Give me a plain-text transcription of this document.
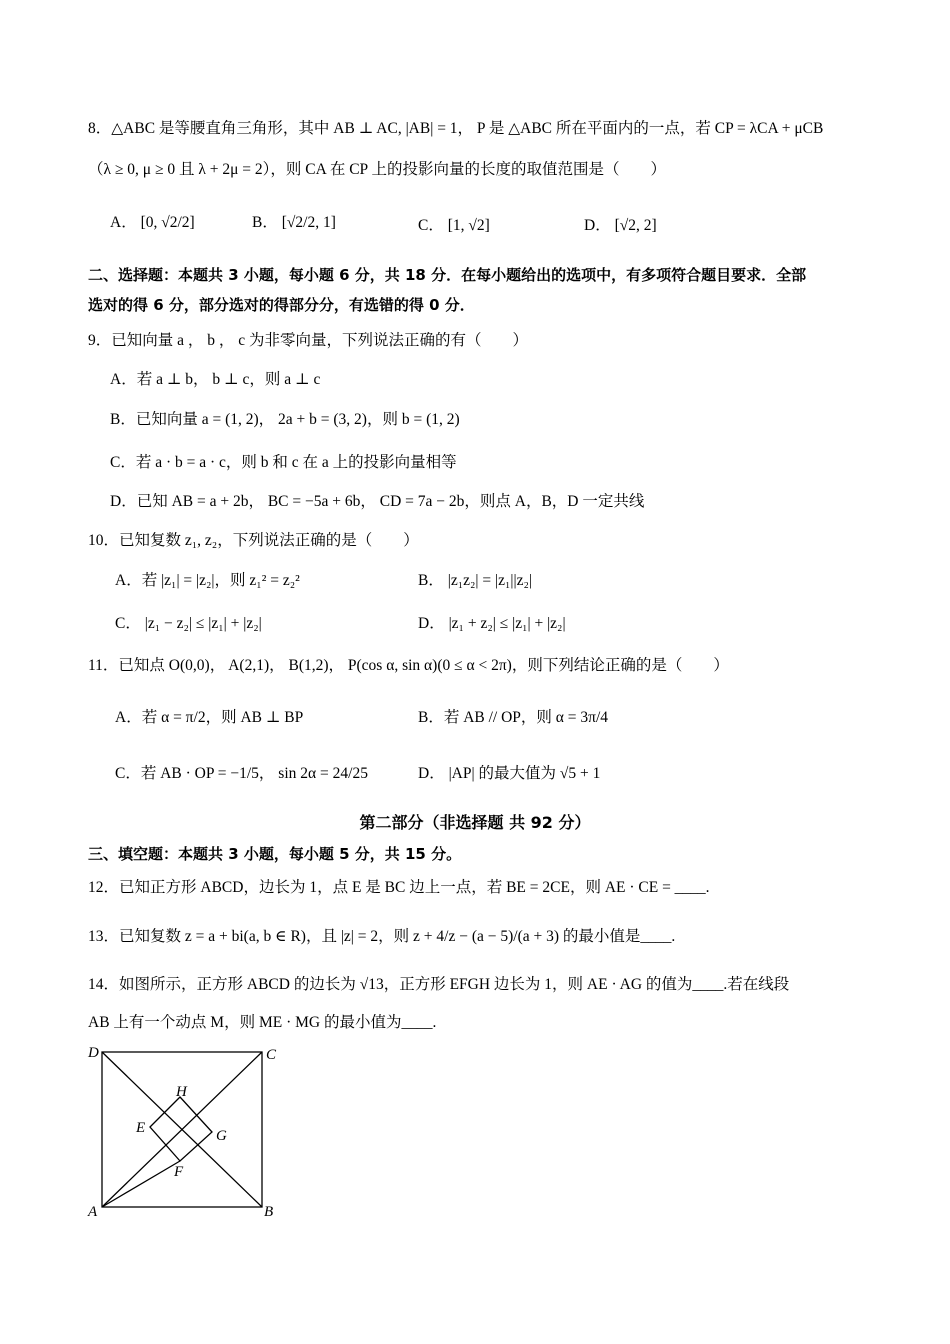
8．△ABC 是等腰直角三角形，其中 AB ⊥ AC, |AB| = 1， P 是 △ABC 所在平面内的一点，若 CP = λCA + μCB
（λ ≥ 0, μ ≥ 0 且 λ + 2μ = 2），则 CA 在 CP 上的投影向量的长度的取值范围是（　　）
A． [0, √2/2]	B． [√2/2, 1]	C． [1, √2]	D． [√2, 2]
二、选择题：本题共 3 小题，每小题 6 分，共 18 分．在每小题给出的选项中，有多项符合题目要求．全部
选对的得 6 分，部分选对的得部分分，有选错的得 0 分．
9．已知向量 a ， b ， c 为非零向量，下列说法正确的有（　　）
A．若 a ⊥ b， b ⊥ c，则 a ⊥ c
B．已知向量 a = (1, 2)， 2a + b = (3, 2)，则 b = (1, 2)
C．若 a · b = a · c，则 b 和 c 在 a 上的投影向量相等
D．已知 AB = a + 2b， BC = −5a + 6b， CD = 7a − 2b，则点 A，B，D 一定共线
10．已知复数 z₁, z₂，下列说法正确的是（　　）
A．若 |z₁| = |z₂|，则 z₁² = z₂²	B． |z₁z₂| = |z₁||z₂|
C． |z₁ − z₂| ≤ |z₁| + |z₂|	D． |z₁ + z₂| ≤ |z₁| + |z₂|
11．已知点 O(0,0)， A(2,1)， B(1,2)， P(cos α, sin α)(0 ≤ α < 2π)，则下列结论正确的是（　　）
A．若 α = π/2，则 AB ⊥ BP	B．若 AB // OP，则 α = 3π/4
C．若 AB · OP = −1/5， sin 2α = 24/25	D． |AP| 的最大值为 √5 + 1
第二部分（非选择题 共 92 分）
三、填空题：本题共 3 小题，每小题 5 分，共 15 分。
12．已知正方形 ABCD，边长为 1，点 E 是 BC 边上一点，若 BE = 2CE，则 AE · CE = ____.
13．已知复数 z = a + bi(a, b ∈ R)，且 |z| = 2，则 z + 4/z − (a − 5)/(a + 3) 的最小值是____.
14．如图所示，正方形 ABCD 的边长为 √13，正方形 EFGH 边长为 1，则 AE · AG 的值为____.若在线段
AB 上有一个动点 M，则 ME · MG 的最小值为____.
D	C
A	B
H
E	G
F
